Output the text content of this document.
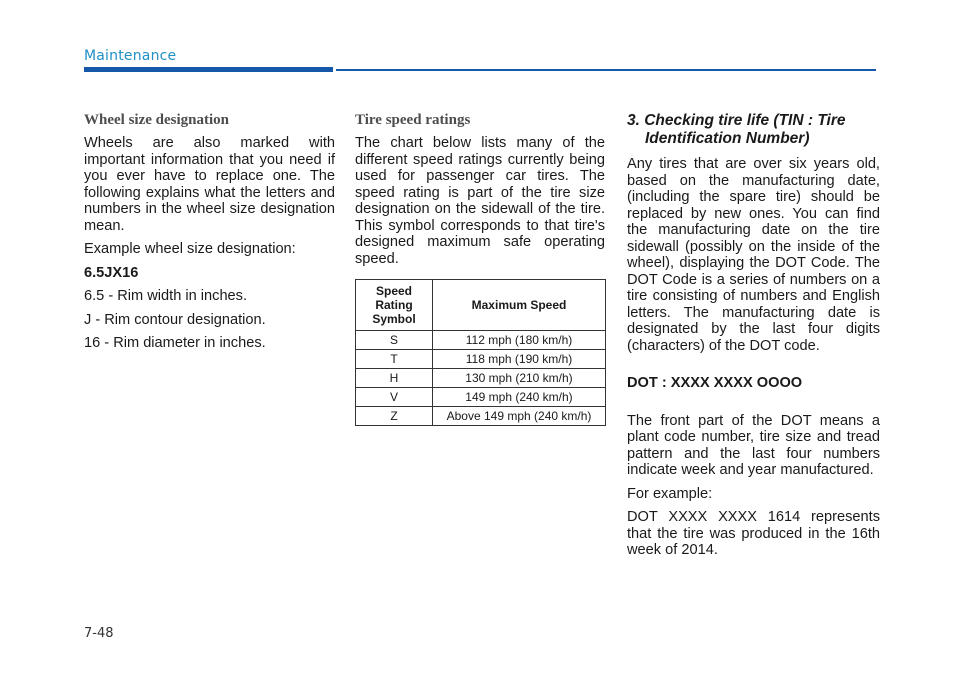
Maintenance
Wheel size designation

Wheels are also marked with important information that you need if you ever have to replace one. The following explains what the letters and numbers in the wheel size designation mean.

Example wheel size designation:

6.5JX16

6.5 - Rim width in inches.

J - Rim contour designation.

16 - Rim diameter in inches.

Tire speed ratings

The chart below lists many of the different speed ratings currently being used for passenger car tires. The speed rating is part of the tire size designation on the sidewall of the tire. This symbol corresponds to that tire's designed maximum safe operating speed.

Speed Rating Symbol	Maximum Speed
S	112 mph (180 km/h)
T	118 mph (190 km/h)
H	130 mph (210 km/h)
V	149 mph (240 km/h)
Z	Above 149 mph (240 km/h)
3. Checking tire life (TIN : Tire Identification Number)

Any tires that are over six years old, based on the manufacturing date, (including the spare tire) should be replaced by new ones. You can find the manufacturing date on the tire sidewall (possibly on the inside of the wheel), displaying the DOT Code. The DOT Code is a series of numbers on a tire consisting of numbers and English letters. The manufacturing date is designated by the last four digits (characters) of the DOT code.

DOT : XXXX XXXX OOOO

The front part of the DOT means a plant code number, tire size and tread pattern and the last four numbers indicate week and year manufactured.

For example:

DOT XXXX XXXX 1614 represents that the tire was produced in the 16th week of 2014.

7-48
